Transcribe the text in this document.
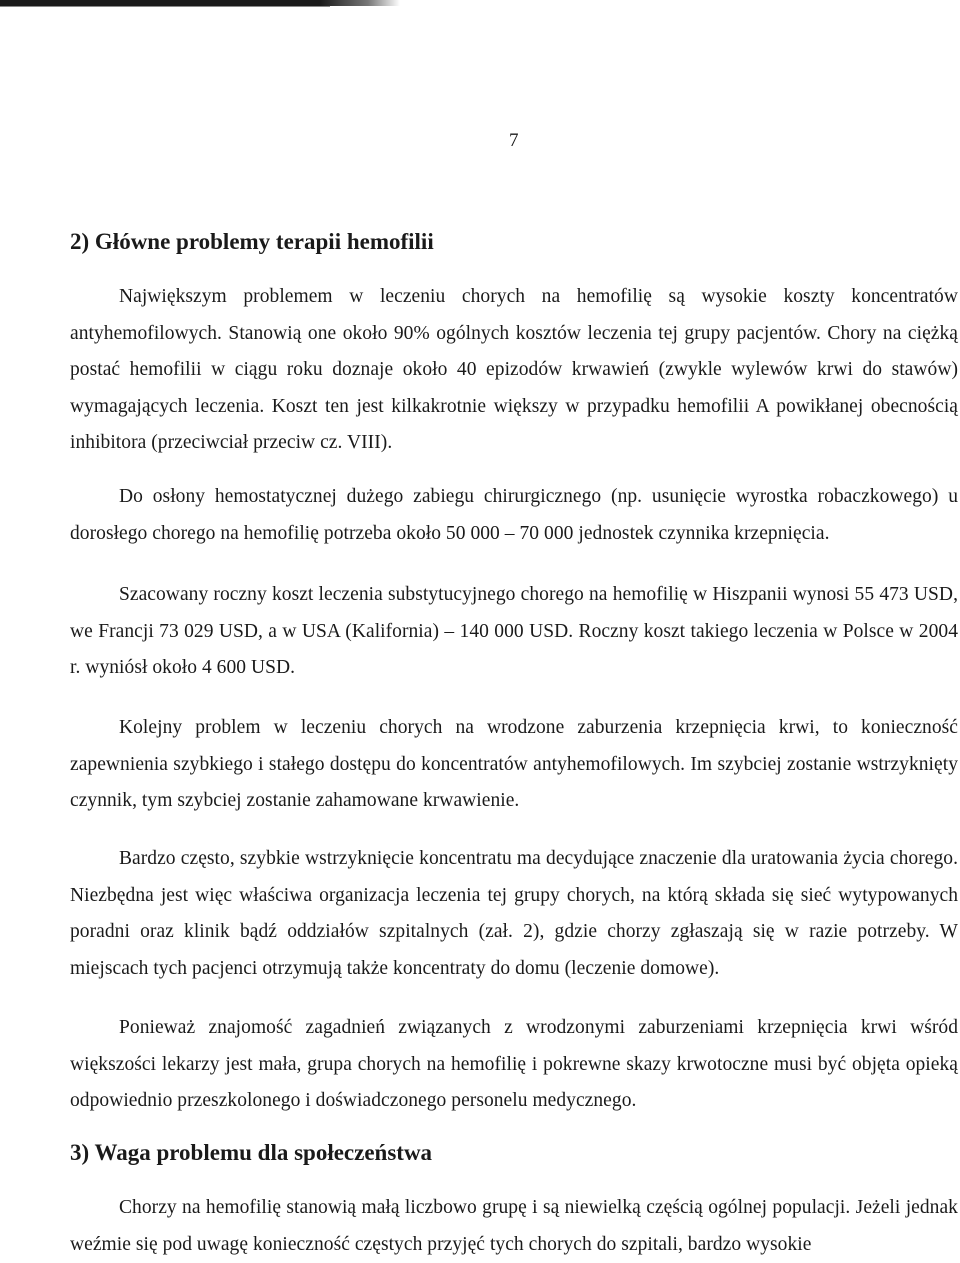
7
2) Główne problemy terapii hemofilii

Największym problemem w leczeniu chorych na hemofilię są wysokie koszty koncentratów antyhemofilowych. Stanowią one około 90% ogólnych kosztów leczenia tej grupy pacjentów. Chory na ciężką postać hemofilii w ciągu roku doznaje około 40 epizodów krwawień (zwykle wylewów krwi do stawów) wymagających leczenia. Koszt ten jest kilkakrotnie większy w przypadku hemofilii A powikłanej obecnością inhibitora (przeciwciał przeciw cz. VIII).

Do osłony hemostatycznej dużego zabiegu chirurgicznego (np. usunięcie wyrostka robaczkowego) u dorosłego chorego na hemofilię potrzeba około 50 000 – 70 000 jednostek czynnika krzepnięcia.

Szacowany roczny koszt leczenia substytucyjnego chorego na hemofilię w Hiszpanii wynosi 55 473 USD, we Francji 73 029 USD, a w USA (Kalifornia) – 140 000 USD. Roczny koszt takiego leczenia w Polsce w 2004 r. wyniósł około 4 600 USD.

Kolejny problem w leczeniu chorych na wrodzone zaburzenia krzepnięcia krwi, to konieczność zapewnienia szybkiego i stałego dostępu do koncentratów antyhemofilowych. Im szybciej zostanie wstrzyknięty czynnik, tym szybciej zostanie zahamowane krwawienie.

Bardzo często, szybkie wstrzyknięcie koncentratu ma decydujące znaczenie dla uratowania życia chorego. Niezbędna jest więc właściwa organizacja leczenia tej grupy chorych, na którą składa się sieć wytypowanych poradni oraz klinik bądź oddziałów szpitalnych (zał. 2), gdzie chorzy zgłaszają się w razie potrzeby. W miejscach tych pacjenci otrzymują także koncentraty do domu (leczenie domowe).

Ponieważ znajomość zagadnień związanych z wrodzonymi zaburzeniami krzepnięcia krwi wśród większości lekarzy jest mała, grupa chorych na hemofilię i pokrewne skazy krwotoczne musi być objęta opieką odpowiednio przeszkolonego i doświadczonego personelu medycznego.

3) Waga problemu dla społeczeństwa

Chorzy na hemofilię stanowią małą liczbowo grupę i są niewielką częścią ogólnej populacji. Jeżeli jednak weźmie się pod uwagę konieczność częstych przyjęć tych chorych do szpitali, bardzo wysokie
